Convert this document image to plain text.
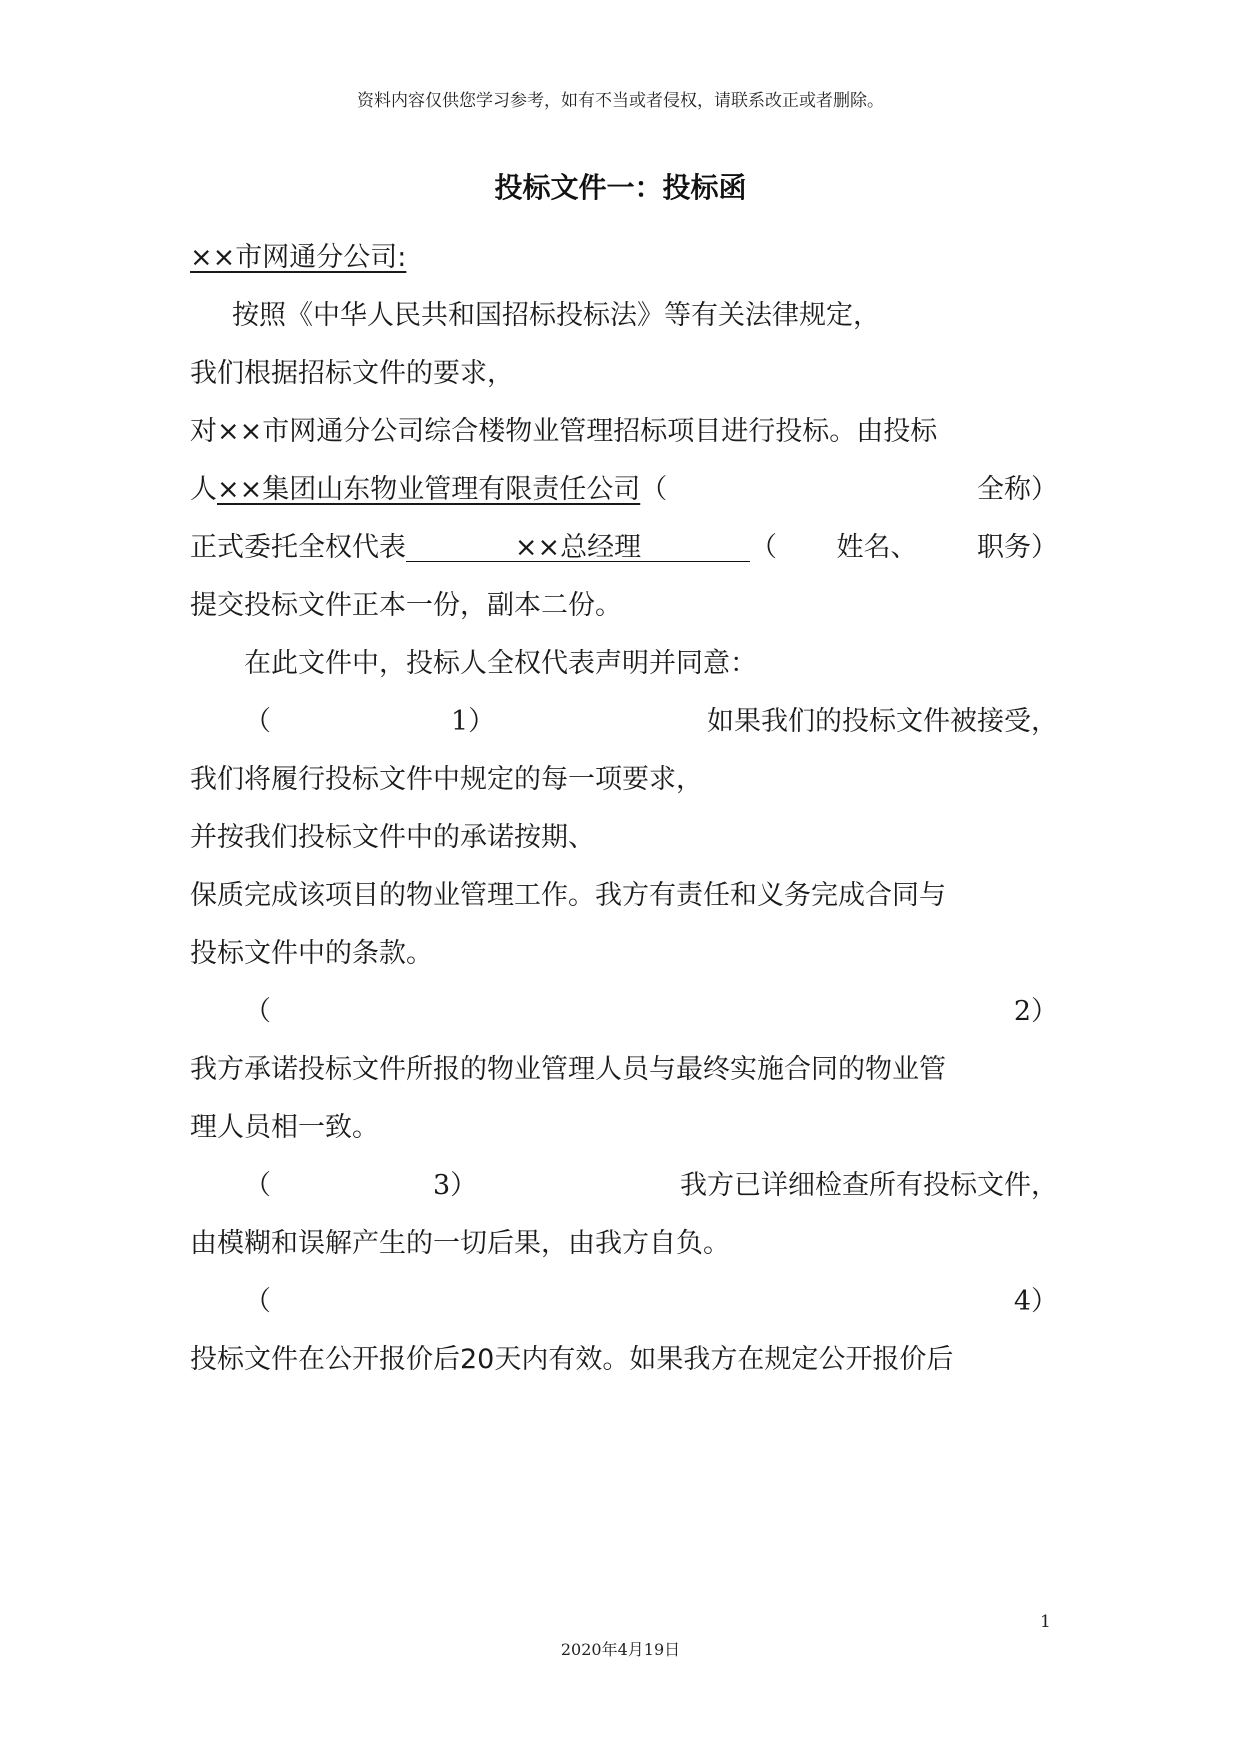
资料内容仅供您学习参考，如有不当或者侵权，请联系改正或者删除。
投标文件一：投标函
××市网通分公司:
按照《中华人民共和国招标投标法》等有关法律规定，
我们根据招标文件的要求，
对××市网通分公司综合楼物业管理招标项目进行投标。由投标
人××集团山东物业管理有限责任公司（	全称）
正式委托全权代表	××总经理	（ 姓名、 职务）
提交投标文件正本一份，副本二份。
在此文件中，投标人全权代表声明并同意：
（	1）	如果我们的投标文件被接受，
我们将履行投标文件中规定的每一项要求，
并按我们投标文件中的承诺按期、
保质完成该项目的物业管理工作。我方有责任和义务完成合同与
投标文件中的条款。
（	2）
我方承诺投标文件所报的物业管理人员与最终实施合同的物业管
理人员相一致。
（	3）	我方已详细检查所有投标文件，
由模糊和误解产生的一切后果，由我方自负。
（	4）
投标文件在公开报价后20天内有效。如果我方在规定公开报价后
1
2020年4月19日
